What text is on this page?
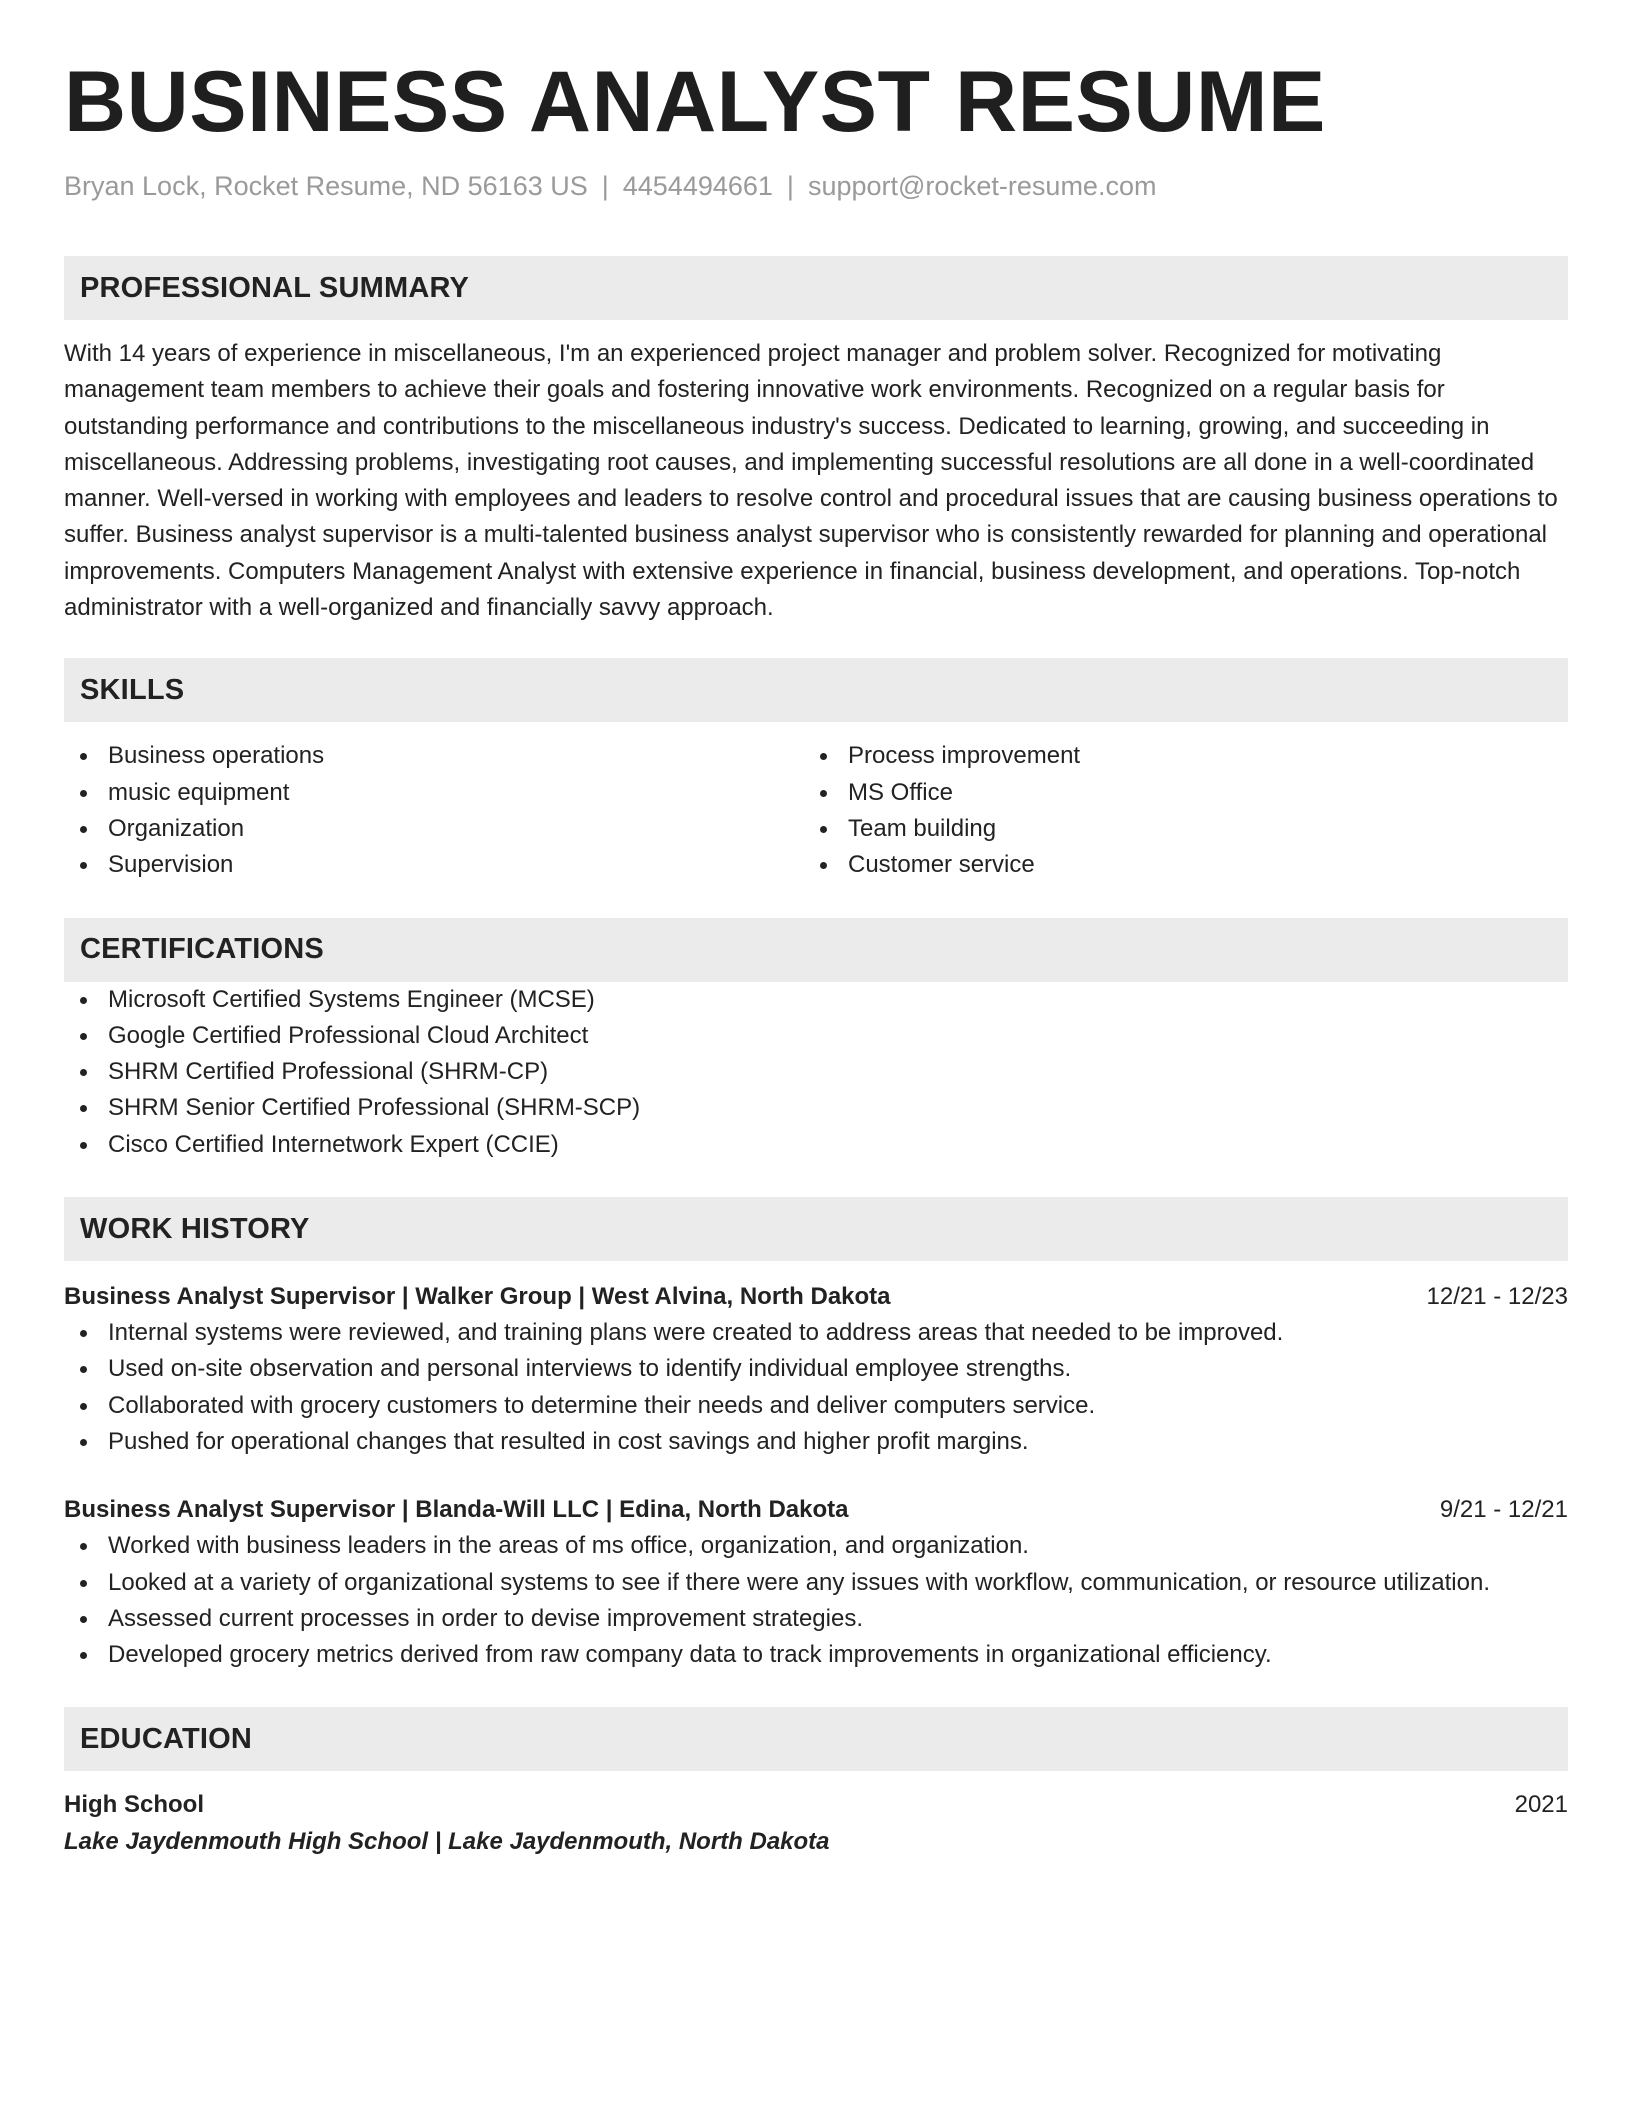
BUSINESS ANALYST RESUME
Bryan Lock, Rocket Resume, ND 56163 US | 4454494661 | support@rocket-resume.com
PROFESSIONAL SUMMARY

With 14 years of experience in miscellaneous, I'm an experienced project manager and problem solver. Recognized for motivating management team members to achieve their goals and fostering innovative work environments. Recognized on a regular basis for outstanding performance and contributions to the miscellaneous industry's success. Dedicated to learning, growing, and succeeding in miscellaneous. Addressing problems, investigating root causes, and implementing successful resolutions are all done in a well-coordinated manner. Well-versed in working with employees and leaders to resolve control and procedural issues that are causing business operations to suffer. Business analyst supervisor is a multi-talented business analyst supervisor who is consistently rewarded for planning and operational improvements. Computers Management Analyst with extensive experience in financial, business development, and operations. Top-notch administrator with a well-organized and financially savvy approach.

SKILLS
Business operations
music equipment
Organization
Supervision
Process improvement
MS Office
Team building
Customer service
CERTIFICATIONS
Microsoft Certified Systems Engineer (MCSE)
Google Certified Professional Cloud Architect
SHRM Certified Professional (SHRM-CP)
SHRM Senior Certified Professional (SHRM-SCP)
Cisco Certified Internetwork Expert (CCIE)
WORK HISTORY
Business Analyst Supervisor | Walker Group | West Alvina, North Dakota	12/21 - 12/23
Internal systems were reviewed, and training plans were created to address areas that needed to be improved.
Used on-site observation and personal interviews to identify individual employee strengths.
Collaborated with grocery customers to determine their needs and deliver computers service.
Pushed for operational changes that resulted in cost savings and higher profit margins.
Business Analyst Supervisor | Blanda-Will LLC | Edina, North Dakota	9/21 - 12/21
Worked with business leaders in the areas of ms office, organization, and organization.
Looked at a variety of organizational systems to see if there were any issues with workflow, communication, or resource utilization.
Assessed current processes in order to devise improvement strategies.
Developed grocery metrics derived from raw company data to track improvements in organizational efficiency.
EDUCATION
High School	2021
Lake Jaydenmouth High School | Lake Jaydenmouth, North Dakota
